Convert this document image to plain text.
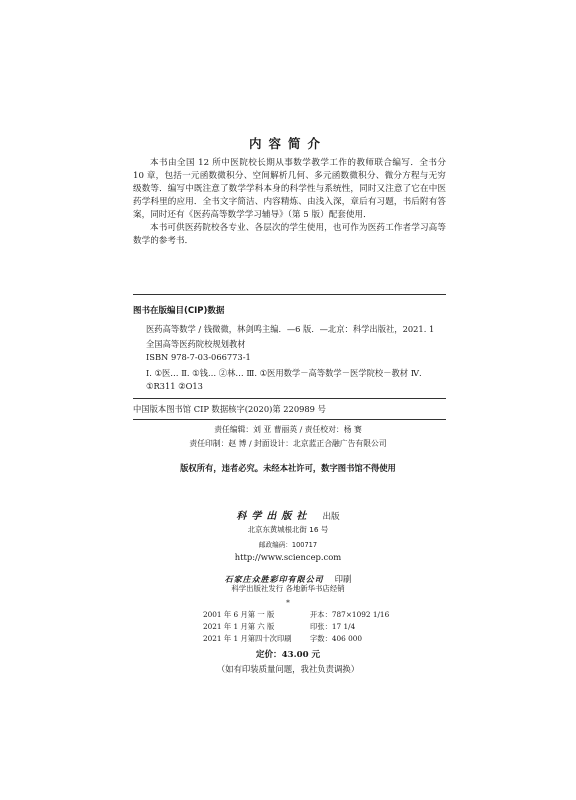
内容简介

本书由全国 12 所中医院校长期从事数学教学工作的教师联合编写．全书分 10 章，包括一元函数微积分、空间解析几何、多元函数微积分、微分方程与无穷级数等．编写中既注意了数学学科本身的科学性与系统性，同时又注意了它在中医药学科里的应用．全书文字简洁、内容精炼、由浅入深，章后有习题，书后附有答案，同时还有《医药高等数学学习辅导》（第 5 版）配套使用．

本书可供医药院校各专业、各层次的学生使用，也可作为医药工作者学习高等数学的参考书．

图书在版编目(CIP)数据
医药高等数学 / 钱微微，林剑鸣主编．—6 版．—北京：科学出版社，2021. 1
全国高等医药院校规划教材
ISBN 978-7-03-066773-1
Ⅰ. ①医… Ⅱ. ①钱… ②林… Ⅲ. ①医用数学－高等数学－医学院校－教材 Ⅳ. ①R311 ②O13
中国版本图书馆 CIP 数据核字(2020)第 220989 号
责任编辑：刘 亚 曹丽英 / 责任校对：杨 赛
责任印制：赵 博 / 封面设计：北京蓝正合融广告有限公司
版权所有，违者必究。未经本社许可，数字图书馆不得使用
科学出版社 出版
北京东黄城根北街 16 号
邮政编码：100717
http://www.sciencep.com
石家庄众胜彩印有限公司 印刷
科学出版社发行 各地新华书店经销
*
2001 年 6 月第 一 版	开本：787×1092 1/16
2021 年 1 月第 六 版	印张：17 1/4
2021 年 1 月第四十次印刷	字数：406 000
定价：43.00 元
（如有印装质量问题，我社负责调换）
